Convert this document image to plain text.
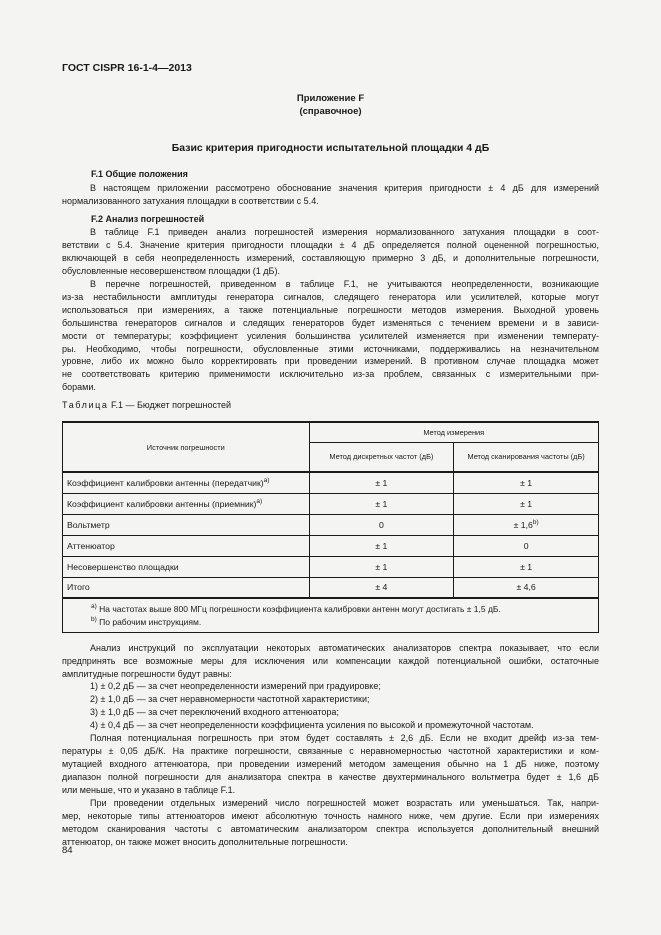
ГОСТ CISPR 16-1-4—2013
Приложение F
(справочное)
Базис критерия пригодности испытательной площадки 4 дБ
F.1 Общие положения
В настоящем приложении рассмотрено обоснование значения критерия пригодности ± 4 дБ для измерений
нормализованного затухания площадки в соответствии с 5.4.
F.2 Анализ погрешностей
В таблице F.1 приведен анализ погрешностей измерения нормализованного затухания площадки в соот-
ветствии с 5.4. Значение критерия пригодности площадки ± 4 дБ определяется полной оцененной погрешностью,
включающей в себя неопределенность измерений, составляющую примерно 3 дБ, и дополнительные погрешности,
обусловленные несовершенством площадки (1 дБ).
В перечне погрешностей, приведенном в таблице F.1, не учитываются неопределенности, возникающие
из-за нестабильности амплитуды генератора сигналов, следящего генератора или усилителей, которые могут
использоваться при измерениях, а также потенциальные погрешности методов измерения. Выходной уровень
большинства генераторов сигналов и следящих генераторов будет изменяться с течением времени и в зависи-
мости от температуры; коэффициент усиления большинства усилителей изменяется при изменении температу-
ры. Необходимо, чтобы погрешности, обусловленные этими источниками, поддерживались на незначительном
уровне, либо их можно было корректировать при проведении измерений. В противном случае площадка может
не соответствовать критерию применимости исключительно из-за проблем, связанных с измерительными при-
борами.
Таблица F.1 — Бюджет погрешностей
Источник погрешности	Метод измерения	
	Метод дискретных частот (дБ)	Метод сканирования частоты (дБ)
Коэффициент калибровки антенны (передатчик)$^{a)}$	± 1	± 1
Коэффициент калибровки антенны (приемник)$^{a)}$	± 1	± 1
Вольтметр	0	± $1,6^{b)}$
Аттенюатор	± 1	0
Несовершенство площадки	± 1	± 1
Итого	± 4	± 4,6

$^{a)}$ На частотах выше 800 МГц погрешности коэффициента калибровки антенн могут достигать ± 1,5 дБ.
$^{b)}$ По рабочим инструкциям.		
Анализ инструкций по эксплуатации некоторых автоматических анализаторов спектра показывает, что если
предпринять все возможные меры для исключения или компенсации каждой потенциальной ошибки, остаточные
амплитудные погрешности будут равны:
1) ± 0,2 дБ — за счет неопределенности измерений при градуировке;
2) ± 1,0 дБ — за счет неравномерности частотной характеристики;
3) ± 1,0 дБ — за счет переключений входного аттенюатора;
4) ± 0,4 дБ — за счет неопределенности коэффициента усиления по высокой и промежуточной частотам.
Полная потенциальная погрешность при этом будет составлять ± 2,6 дБ. Если не входит дрейф из-за тем-
пературы ± 0,05 дБ/К. На практике погрешности, связанные с неравномерностью частотной характеристики и ком-
мутацией входного аттенюатора, при проведении измерений методом замещения обычно на 1 дБ ниже, поэтому
диапазон полной погрешности для анализатора спектра в качестве двухтерминального вольтметра будет ± 1,6 дБ
или меньше, что и указано в таблице F.1.
При проведении отдельных измерений число погрешностей может возрастать или уменьшаться. Так, напри-
мер, некоторые типы аттенюаторов имеют абсолютную точность намного ниже, чем другие. Если при измерениях
методом сканирования частоты с автоматическим анализатором спектра используется дополнительный внешний
аттенюатор, он также может вносить дополнительные погрешности.
84
